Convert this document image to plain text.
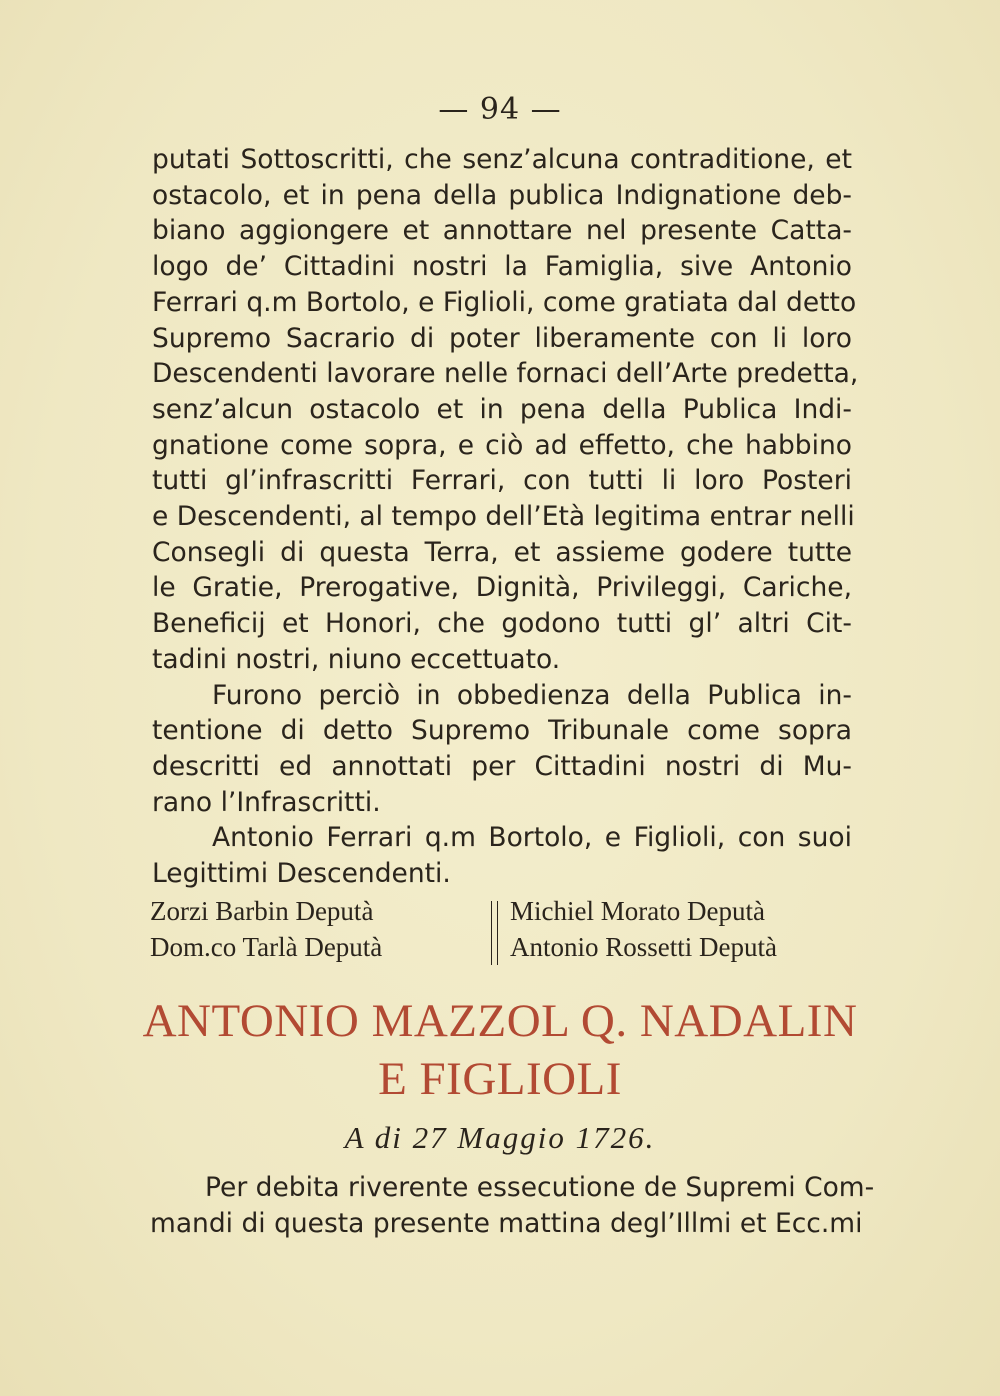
— 94 —
putati Sottoscritti, che senz’alcuna contraditione, et
ostacolo, et in pena della publica Indignatione deb-
biano aggiongere et annottare nel presente Catta-
logo de’ Cittadini nostri la Famiglia, sive Antonio
Ferrari q.m Bortolo, e Figlioli, come gratiata dal detto
Supremo Sacrario di poter liberamente con li loro
Descendenti lavorare nelle fornaci dell’Arte predetta,
senz’alcun ostacolo et in pena della Publica Indi-
gnatione come sopra, e ciò ad effetto, che habbino
tutti gl’infrascritti Ferrari, con tutti li loro Posteri
e Descendenti, al tempo dell’Età legitima entrar nelli
Consegli di questa Terra, et assieme godere tutte
le Gratie, Prerogative, Dignità, Privileggi, Cariche,
Beneficij et Honori, che godono tutti gl’ altri Cit-
tadini nostri, niuno eccettuato.
Furono perciò in obbedienza della Publica in-
tentione di detto Supremo Tribunale come sopra
descritti ed annottati per Cittadini nostri di Mu-
rano l’Infrascritti.
Antonio Ferrari q.m Bortolo, e Figlioli, con suoi
Legittimi Descendenti.
Zorzi Barbin Deputà
Dom.co Tarlà Deputà
Michiel Morato Deputà
Antonio Rossetti Deputà
ANTONIO MAZZOL Q. NADALIN
E FIGLIOLI
A di 27 Maggio 1726.
Per debita riverente essecutione de Supremi Com-
mandi di questa presente mattina degl’Illmi et Ecc.mi
